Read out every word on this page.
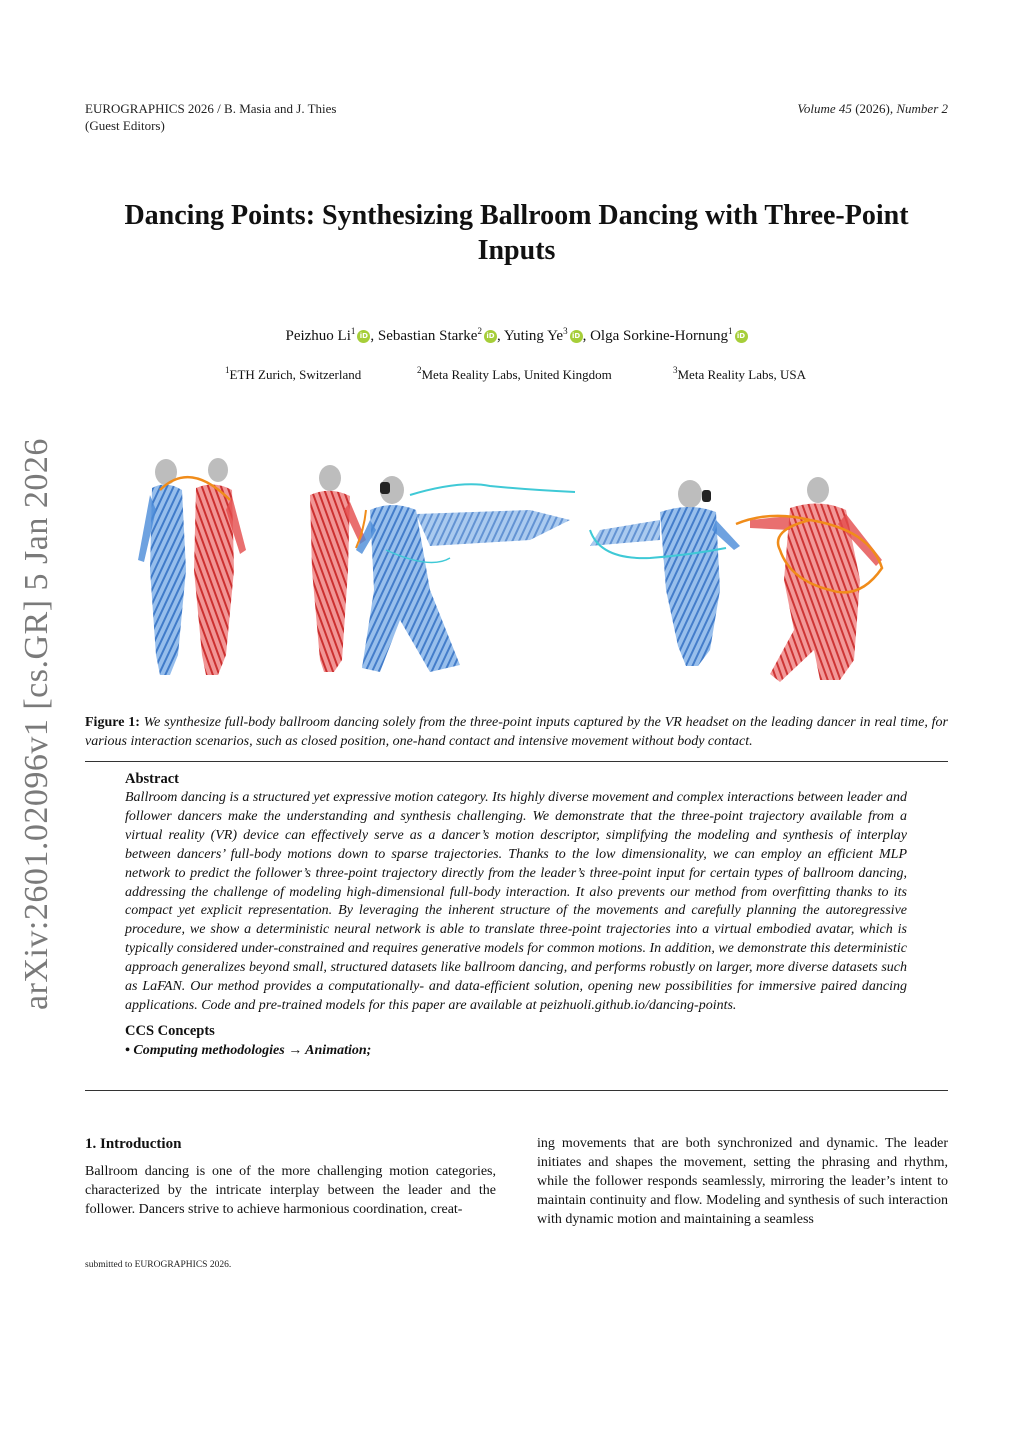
EUROGRAPHICS 2026 / B. Masia and J. Thies
(Guest Editors)
Volume 45 (2026), Number 2
arXiv:2601.02096v1 [cs.GR] 5 Jan 2026
Dancing Points: Synthesizing Ballroom Dancing with Three-Point Inputs
Peizhuo Li$^1$ iD , Sebastian Starke$^2$ iD , Yuting Ye$^3$ iD , Olga Sorkine-Hornung$^1$ iD
$^1$ETH Zurich, Switzerland	$^2$Meta Reality Labs, United Kingdom	$^3$Meta Reality Labs, USA
Figure 1: We synthesize full-body ballroom dancing solely from the three-point inputs captured by the VR headset on the leading dancer in real time, for various interaction scenarios, such as closed position, one-hand contact and intensive movement without body contact.
Abstract
Ballroom dancing is a structured yet expressive motion category. Its highly diverse movement and complex interactions between leader and follower dancers make the understanding and synthesis challenging. We demonstrate that the three-point trajectory available from a virtual reality (VR) device can effectively serve as a dancer’s motion descriptor, simplifying the modeling and synthesis of interplay between dancers’ full-body motions down to sparse trajectories. Thanks to the low dimensionality, we can employ an efficient MLP network to predict the follower’s three-point trajectory directly from the leader’s three-point input for certain types of ballroom dancing, addressing the challenge of modeling high-dimensional full-body interaction. It also prevents our method from overfitting thanks to its compact yet explicit representation. By leveraging the inherent structure of the movements and carefully planning the autoregressive procedure, we show a deterministic neural network is able to translate three-point trajectories into a virtual embodied avatar, which is typically considered under-constrained and requires generative models for common motions. In addition, we demonstrate this deterministic approach generalizes beyond small, structured datasets like ballroom dancing, and performs robustly on larger, more diverse datasets such as LaFAN. Our method provides a computationally- and data-efficient solution, opening new possibilities for immersive paired dancing applications. Code and pre-trained models for this paper are available at peizhuoli.github.io/dancing-points.
CCS Concepts
• Computing methodologies → Animation;
1. Introduction
Ballroom dancing is one of the more challenging motion categories, characterized by the intricate interplay between the leader and the follower. Dancers strive to achieve harmonious coordination, creat-
ing movements that are both synchronized and dynamic. The leader initiates and shapes the movement, setting the phrasing and rhythm, while the follower responds seamlessly, mirroring the leader’s intent to maintain continuity and flow. Modeling and synthesis of such interaction with dynamic motion and maintaining a seamless
submitted to EUROGRAPHICS 2026.
